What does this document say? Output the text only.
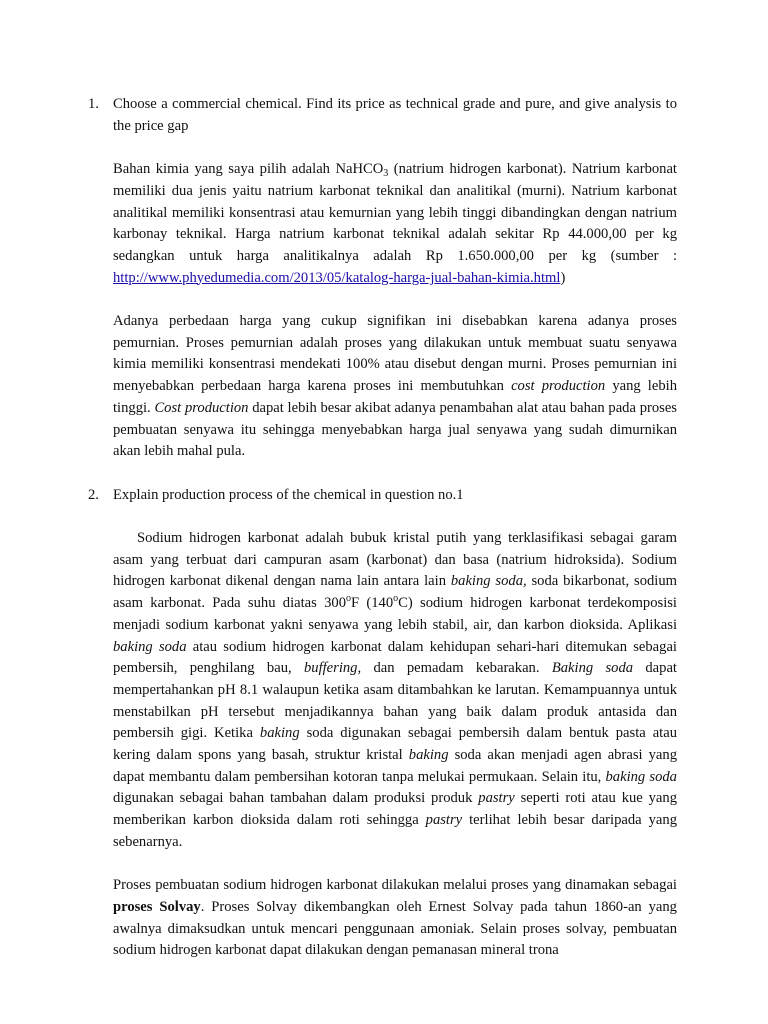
1. Choose a commercial chemical. Find its price as technical grade and pure, and give analysis to the price gap

Bahan kimia yang saya pilih adalah NaHCO$_3$ (natrium hidrogen karbonat). Natrium karbonat memiliki dua jenis yaitu natrium karbonat teknikal dan analitikal (murni). Natrium karbonat analitikal memiliki konsentrasi atau kemurnian yang lebih tinggi dibandingkan dengan natrium karbonay teknikal. Harga natrium karbonat teknikal adalah sekitar Rp 44.000,00 per kg sedangkan untuk harga analitikalnya adalah Rp 1.650.000,00 per kg (sumber : http://www.phyedumedia.com/2013/05/katalog-harga-jual-bahan-kimia.html)

Adanya perbedaan harga yang cukup signifikan ini disebabkan karena adanya proses pemurnian. Proses pemurnian adalah proses yang dilakukan untuk membuat suatu senyawa kimia memiliki konsentrasi mendekati 100% atau disebut dengan murni. Proses pemurnian ini menyebabkan perbedaan harga karena proses ini membutuhkan cost production yang lebih tinggi. Cost production dapat lebih besar akibat adanya penambahan alat atau bahan pada proses pembuatan senyawa itu sehingga menyebabkan harga jual senyawa yang sudah dimurnikan akan lebih mahal pula.

2. Explain production process of the chemical in question no.1

Sodium hidrogen karbonat adalah bubuk kristal putih yang terklasifikasi sebagai garam asam yang terbuat dari campuran asam (karbonat) dan basa (natrium hidroksida). Sodium hidrogen karbonat dikenal dengan nama lain antara lain baking soda, soda bikarbonat, sodium asam karbonat. Pada suhu diatas 300$^o$F (140$^o$C) sodium hidrogen karbonat terdekomposisi menjadi sodium karbonat yakni senyawa yang lebih stabil, air, dan karbon dioksida. Aplikasi baking soda atau sodium hidrogen karbonat dalam kehidupan sehari-hari ditemukan sebagai pembersih, penghilang bau, buffering, dan pemadam kebarakan. Baking soda dapat mempertahankan pH 8.1 walaupun ketika asam ditambahkan ke larutan. Kemampuannya untuk menstabilkan pH tersebut menjadikannya bahan yang baik dalam produk antasida dan pembersih gigi. Ketika baking soda digunakan sebagai pembersih dalam bentuk pasta atau kering dalam spons yang basah, struktur kristal baking soda akan menjadi agen abrasi yang dapat membantu dalam pembersihan kotoran tanpa melukai permukaan. Selain itu, baking soda digunakan sebagai bahan tambahan dalam produksi produk pastry seperti roti atau kue yang memberikan karbon dioksida dalam roti sehingga pastry terlihat lebih besar daripada yang sebenarnya.

Proses pembuatan sodium hidrogen karbonat dilakukan melalui proses yang dinamakan sebagai proses Solvay. Proses Solvay dikembangkan oleh Ernest Solvay pada tahun 1860-an yang awalnya dimaksudkan untuk mencari penggunaan amoniak. Selain proses solvay, pembuatan sodium hidrogen karbonat dapat dilakukan dengan pemanasan mineral trona
